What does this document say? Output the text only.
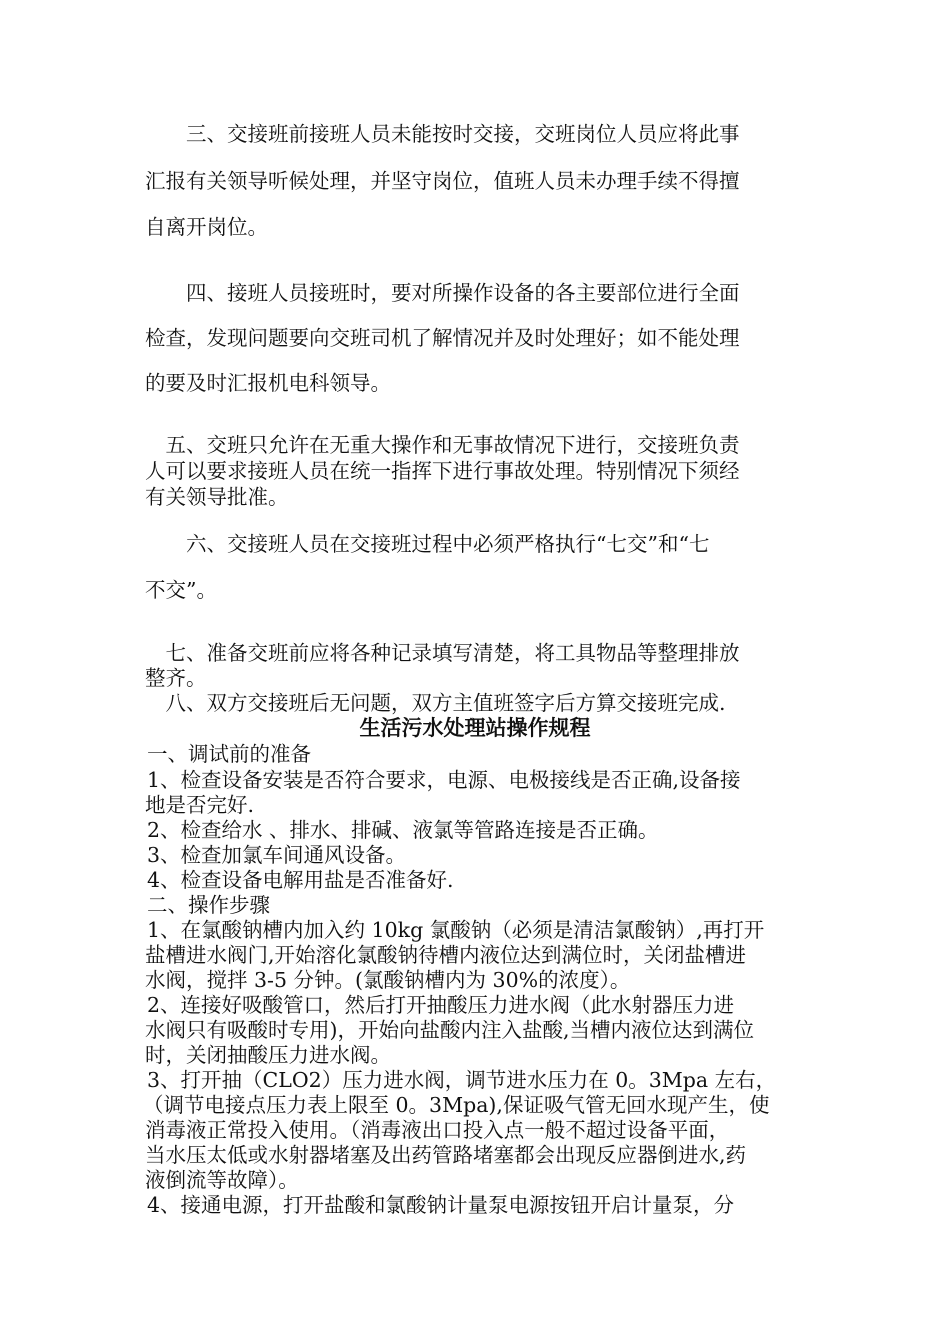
　　三、交接班前接班人员未能按时交接，交班岗位人员应将此事
汇报有关领导听候处理，并坚守岗位，值班人员未办理手续不得擅
自离开岗位。
　　四、接班人员接班时，要对所操作设备的各主要部位进行全面
检查，发现问题要向交班司机了解情况并及时处理好；如不能处理
的要及时汇报机电科领导。
　五、交班只允许在无重大操作和无事故情况下进行，交接班负责
人可以要求接班人员在统一指挥下进行事故处理。特别情况下须经
有关领导批准。
　　六、交接班人员在交接班过程中必须严格执行“七交”和“七
不交”。
　七、准备交班前应将各种记录填写清楚，将工具物品等整理排放
整齐。
　八、双方交接班后无问题，双方主值班签字后方算交接班完成.
生活污水处理站操作规程
一、调试前的准备
1、检查设备安装是否符合要求，电源、电极接线是否正确,设备接
地是否完好.
2、检查给水 、排水、排碱、液氯等管路连接是否正确。
3、检查加氯车间通风设备。
4、检查设备电解用盐是否准备好.
二、操作步骤
1、在氯酸钠槽内加入约 10kg 氯酸钠（必须是清洁氯酸钠）,再打开
盐槽进水阀门,开始溶化氯酸钠待槽内液位达到满位时，关闭盐槽进
水阀，搅拌 3-5 分钟。(氯酸钠槽内为 30%的浓度）。
2、连接好吸酸管口，然后打开抽酸压力进水阀（此水射器压力进
水阀只有吸酸时专用)，开始向盐酸内注入盐酸,当槽内液位达到满位
时，关闭抽酸压力进水阀。
3、打开抽（CLO2）压力进水阀，调节进水压力在 0。3Mpa 左右，
（调节电接点压力表上限至 0。3Mpa),保证吸气管无回水现产生，使
消毒液正常投入使用。（消毒液出口投入点一般不超过设备平面，
当水压太低或水射器堵塞及出药管路堵塞都会出现反应器倒进水,药
液倒流等故障）。
4、接通电源，打开盐酸和氯酸钠计量泵电源按钮开启计量泵，分
